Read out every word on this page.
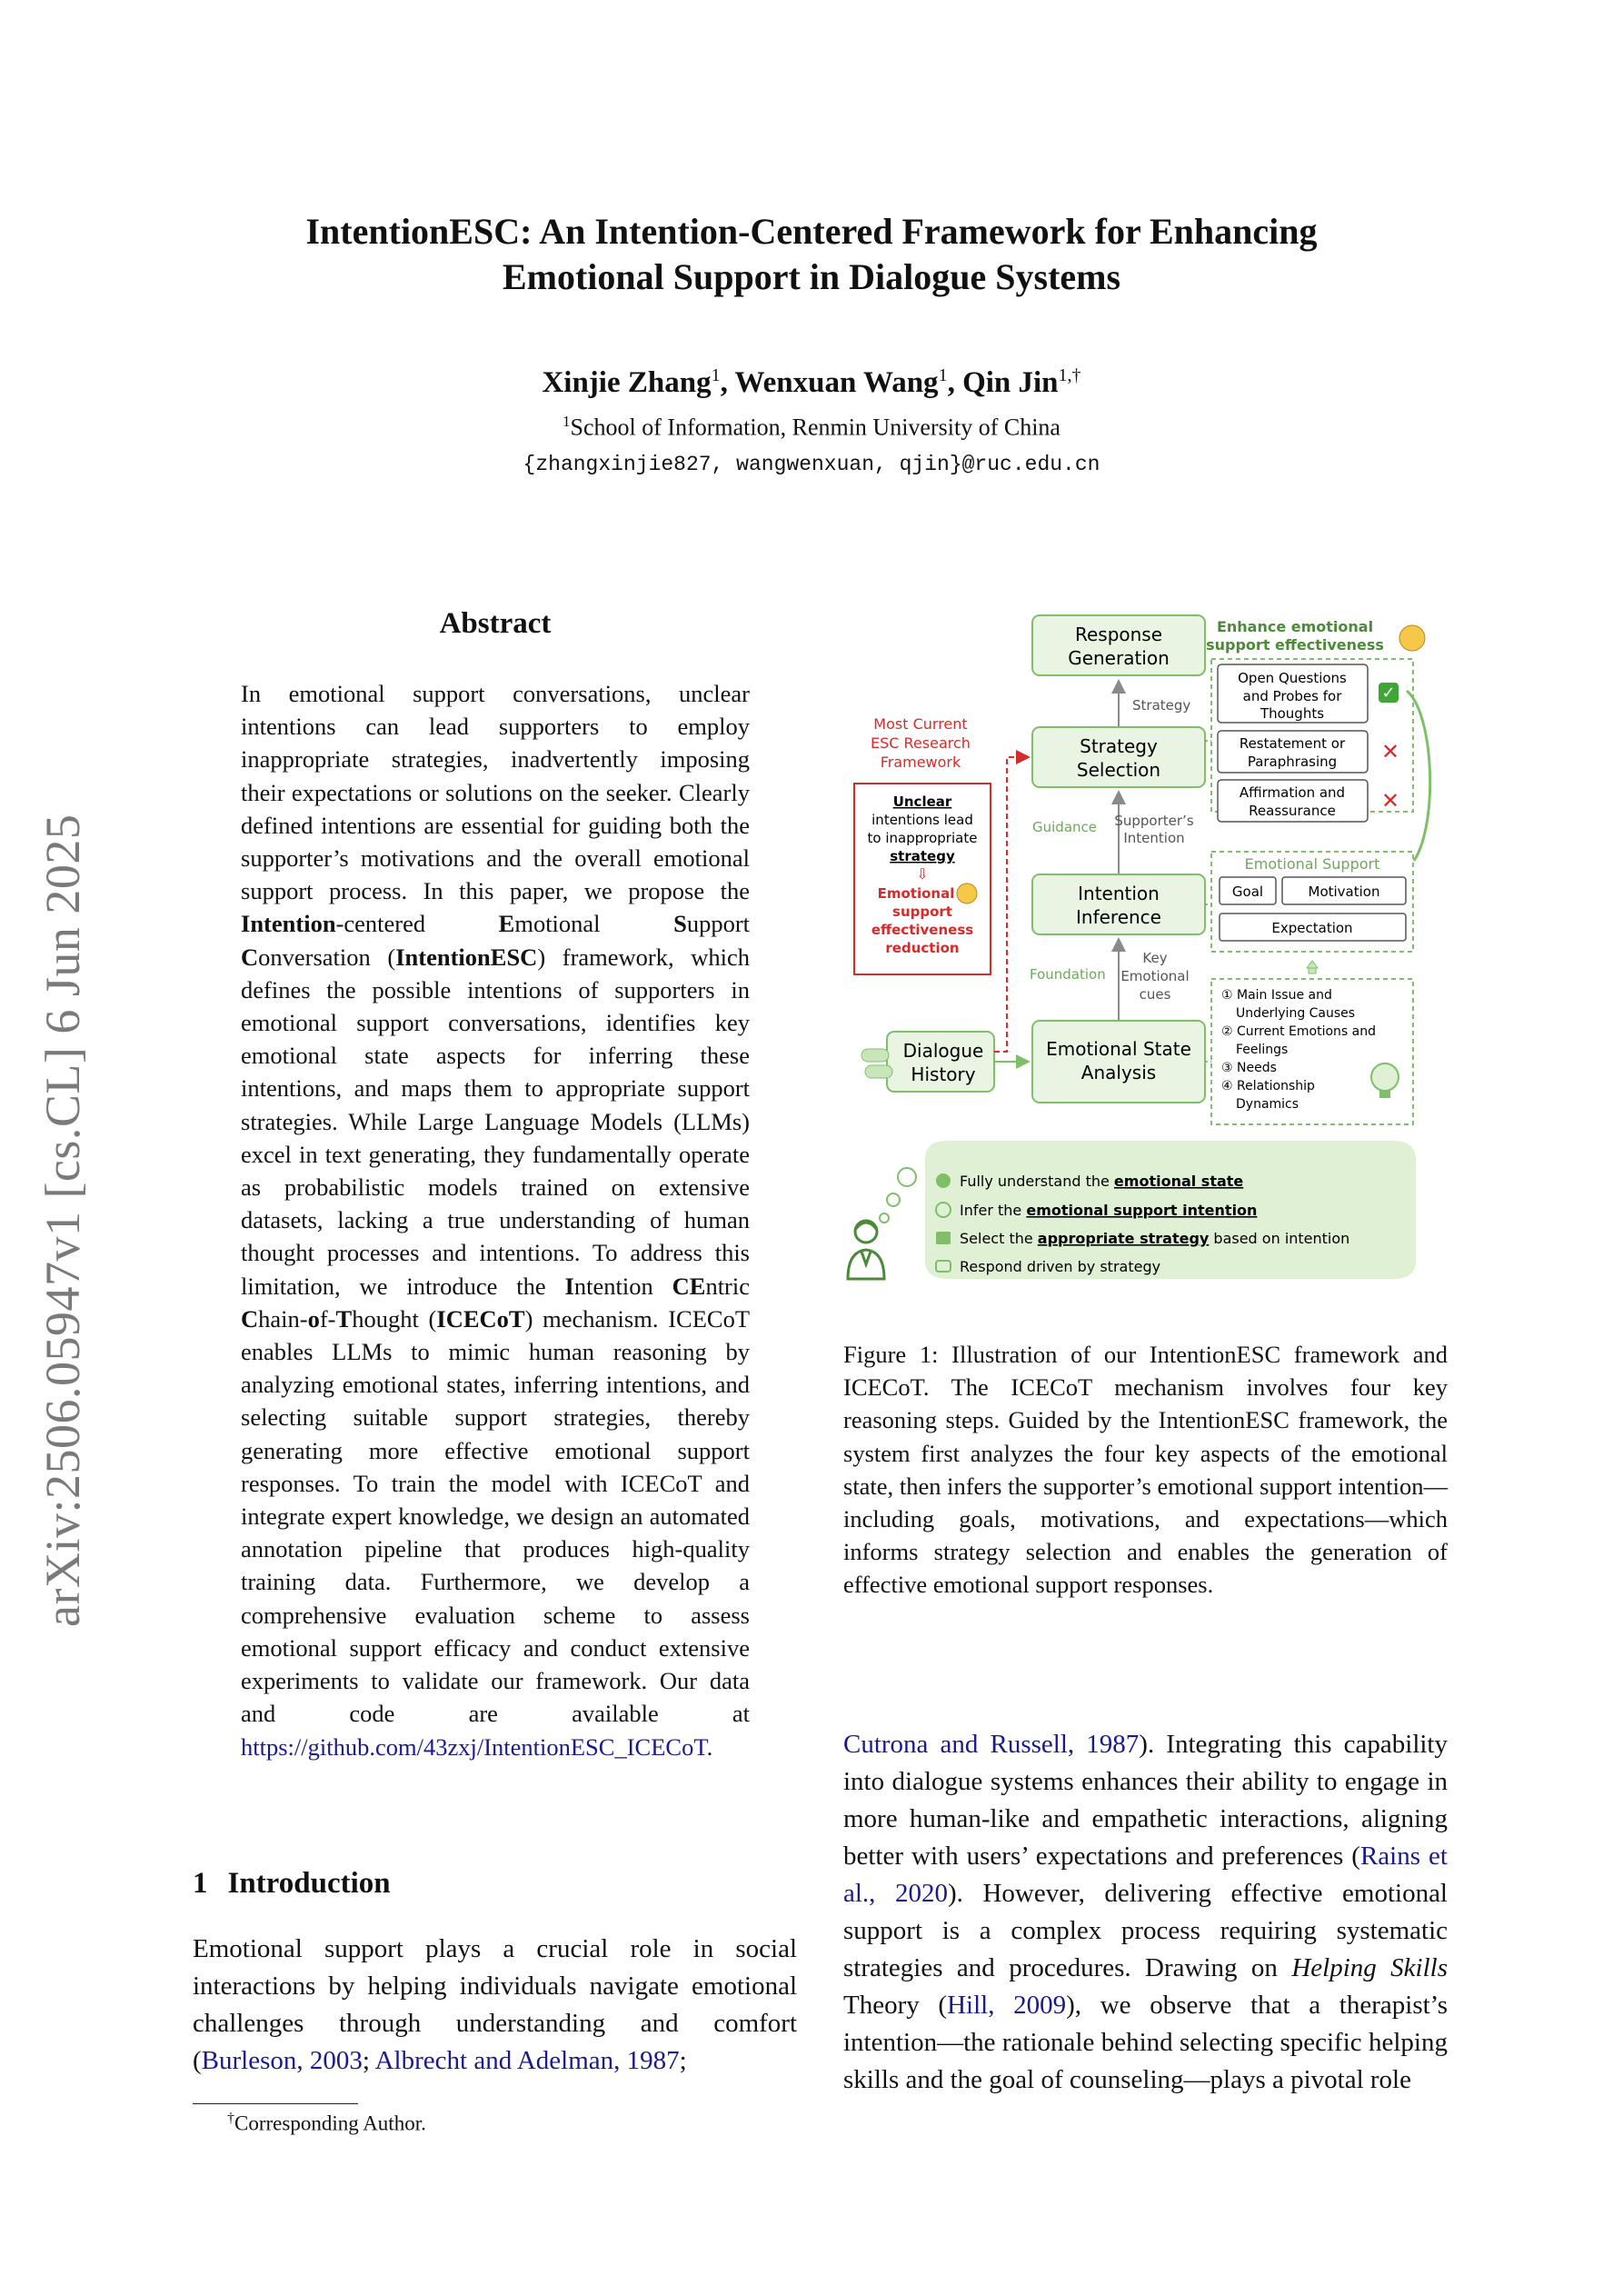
arXiv:2506.05947v1 [cs.CL] 6 Jun 2025
IntentionESC: An Intention-Centered Framework for Enhancing
Emotional Support in Dialogue Systems
Xinjie Zhang$^1$, Wenxuan Wang$^1$, Qin Jin$^{1,\dagger}$
$^1$School of Information, Renmin University of China
{zhangxinjie827, wangwenxuan, qjin}@ruc.edu.cn
Abstract
In emotional support conversations, unclear intentions can lead supporters to employ inappropriate strategies, inadvertently imposing their expectations or solutions on the seeker. Clearly defined intentions are essential for guiding both the supporter’s motivations and the overall emotional support process. In this paper, we propose the Intention-centered Emotional Support Conversation (IntentionESC) framework, which defines the possible intentions of supporters in emotional support conversations, identifies key emotional state aspects for inferring these intentions, and maps them to appropriate support strategies. While Large Language Models (LLMs) excel in text generating, they fundamentally operate as probabilistic models trained on extensive datasets, lacking a true understanding of human thought processes and intentions. To address this limitation, we introduce the Intention CEntric Chain-of-Thought (ICECoT) mechanism. ICECoT enables LLMs to mimic human reasoning by analyzing emotional states, inferring intentions, and selecting suitable support strategies, thereby generating more effective emotional support responses. To train the model with ICECoT and integrate expert knowledge, we design an automated annotation pipeline that produces high-quality training data. Furthermore, we develop a comprehensive evaluation scheme to assess emotional support efficacy and conduct extensive experiments to validate our framework. Our data and code are available at https://github.com/43zxj/IntentionESC_ICECoT.
1 Introduction
Emotional support plays a crucial role in social interactions by helping individuals navigate emotional challenges through understanding and comfort (Burleson, 2003; Albrecht and Adelman, 1987;
†Corresponding Author.
Cutrona and Russell, 1987). Integrating this capability into dialogue systems enhances their ability to engage in more human-like and empathetic interactions, aligning better with users’ expectations and preferences (Rains et al., 2020). However, delivering effective emotional support is a complex process requiring systematic strategies and procedures. Drawing on Helping Skills Theory (Hill, 2009), we observe that a therapist’s intention—the rationale behind selecting specific helping skills and the goal of counseling—plays a pivotal role
Response
Generation
Strategy
Strategy
Selection
Guidance Supporter’s
Intention
Intention
Inference
Foundation
Key
Emotional
cues
Emotional State
Analysis
Dialogue
History
Most Current
ESC Research
Framework
Unclear
intentions lead
to inappropriate
strategy
⇩
Emotional
support
effectiveness
reduction
Enhance emotional
support effectiveness
Open Questions
and Probes for
Thoughts
✓
Restatement or
Paraphrasing ✕
Affirmation and
Reassurance ✕
Emotional Support
Goal	Motivation
Expectation
① Main Issue and
Underlying Causes
② Current Emotions and
Feelings
③ Needs
④ Relationship
Dynamics
Fully understand the emotional state
Infer the emotional support intention
Select the appropriate strategy based on intention
Respond driven by strategy
Figure 1: Illustration of our IntentionESC framework and ICECoT. The ICECoT mechanism involves four key reasoning steps. Guided by the IntentionESC framework, the system first analyzes the four key aspects of the emotional state, then infers the supporter’s emotional support intention—including goals, motivations, and expectations—which informs strategy selection and enables the generation of effective emotional support responses.
